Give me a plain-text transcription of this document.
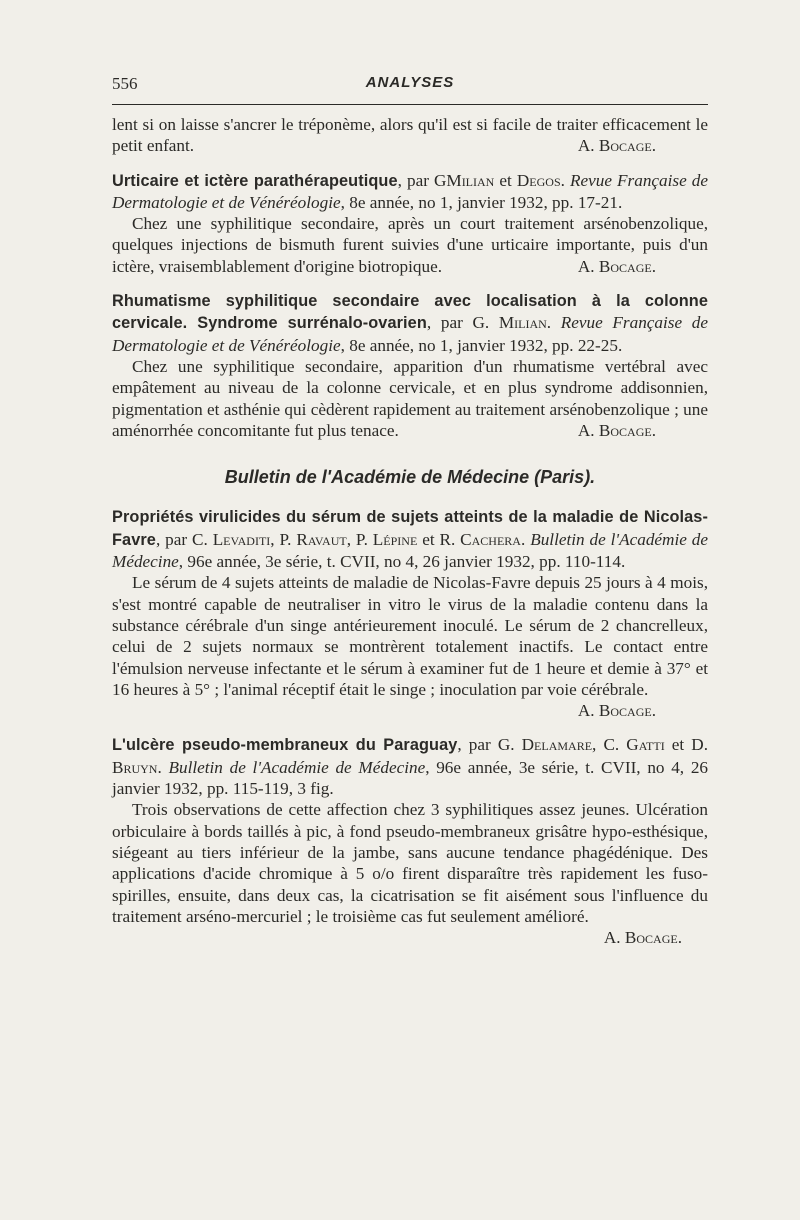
556	ANALYSES

lent si on laisse s'ancrer le tréponème, alors qu'il est si facile de traiter efficacement le petit enfant.	A. Bocage.

Urticaire et ictère parathérapeutique, par GMilian et Degos. Revue Française de Dermatologie et de Vénéréologie, 8e année, no 1, janvier 1932, pp. 17-21.

Chez une syphilitique secondaire, après un court traitement arsénobenzolique, quelques injections de bismuth furent suivies d'une urticaire importante, puis d'un ictère, vraisemblablement d'origine biotropique.	A. Bocage.

Rhumatisme syphilitique secondaire avec localisation à la colonne cervicale. Syndrome surrénalo-ovarien, par G. Milian. Revue Française de Dermatologie et de Vénéréologie, 8e année, no 1, janvier 1932, pp. 22-25.

Chez une syphilitique secondaire, apparition d'un rhumatisme vertébral avec empâtement au niveau de la colonne cervicale, et en plus syndrome addisonnien, pigmentation et asthénie qui cèdèrent rapidement au traitement arsénobenzolique ; une aménorrhée concomitante fut plus tenace.	A. Bocage.

Bulletin de l'Académie de Médecine (Paris).

Propriétés virulicides du sérum de sujets atteints de la maladie de Nicolas-Favre, par C. Levaditi, P. Ravaut, P. Lépine et R. Cachera. Bulletin de l'Académie de Médecine, 96e année, 3e série, t. CVII, no 4, 26 janvier 1932, pp. 110-114.

Le sérum de 4 sujets atteints de maladie de Nicolas-Favre depuis 25 jours à 4 mois, s'est montré capable de neutraliser in vitro le virus de la maladie contenu dans la substance cérébrale d'un singe antérieurement inoculé. Le sérum de 2 chancrelleux, celui de 2 sujets normaux se montrèrent totalement inactifs. Le contact entre l'émulsion nerveuse infectante et le sérum à examiner fut de 1 heure et demie à 37° et 16 heures à 5° ; l'animal réceptif était le singe ; inoculation par voie cérébrale.
A. Bocage.

L'ulcère pseudo-membraneux du Paraguay, par G. Delamare, C. Gatti et D. Bruyn. Bulletin de l'Académie de Médecine, 96e année, 3e série, t. CVII, no 4, 26 janvier 1932, pp. 115-119, 3 fig.

Trois observations de cette affection chez 3 syphilitiques assez jeunes. Ulcération orbiculaire à bords taillés à pic, à fond pseudo-membraneux grisâtre hypo-esthésique, siégeant au tiers inférieur de la jambe, sans aucune tendance phagédénique. Des applications d'acide chromique à 5 o/o firent disparaître très rapidement les fuso-spirilles, ensuite, dans deux cas, la cicatrisation se fit aisément sous l'influence du traitement arséno-mercuriel ; le troisième cas fut seulement amélioré.

A. Bocage.
